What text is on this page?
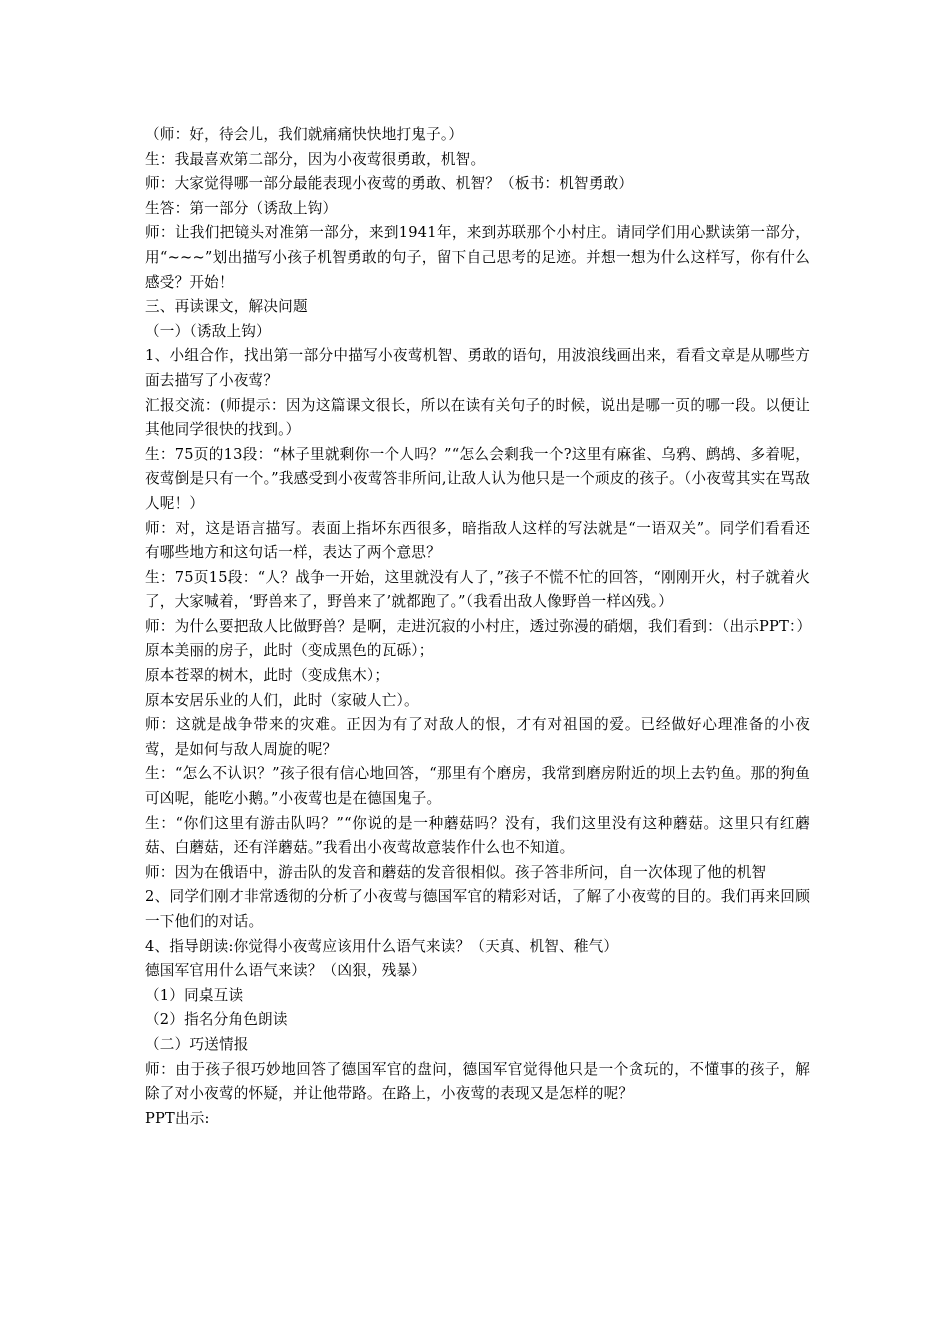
（师：好，待会儿，我们就痛痛快快地打鬼子。）

生：我最喜欢第二部分，因为小夜莺很勇敢，机智。

师：大家觉得哪一部分最能表现小夜莺的勇敢、机智？（板书：机智勇敢）

生答：第一部分（诱敌上钩）

师：让我们把镜头对准第一部分，来到1941年，来到苏联那个小村庄。请同学们用心默读第一部分，用“~~~”划出描写小孩子机智勇敢的句子，留下自己思考的足迹。并想一想为什么这样写，你有什么感受？开始！

三、再读课文，解决问题

（一）（诱敌上钩）

1、小组合作，找出第一部分中描写小夜莺机智、勇敢的语句，用波浪线画出来，看看文章是从哪些方面去描写了小夜莺？

汇报交流：(师提示：因为这篇课文很长，所以在读有关句子的时候，说出是哪一页的哪一段。以便让其他同学很快的找到。）

生：75页的13段：“林子里就剩你一个人吗？”“怎么会剩我一个?这里有麻雀、乌鸦、鹧鸪、多着呢，夜莺倒是只有一个。”我感受到小夜莺答非所问,让敌人认为他只是一个顽皮的孩子。（小夜莺其实在骂敌人呢！）

师：对，这是语言描写。表面上指坏东西很多，暗指敌人这样的写法就是“一语双关”。同学们看看还有哪些地方和这句话一样，表达了两个意思？

生：75页15段：“人？战争一开始，这里就没有人了，”孩子不慌不忙的回答，“刚刚开火，村子就着火了，大家喊着，‘野兽来了，野兽来了’就都跑了。”（我看出敌人像野兽一样凶残。）

师：为什么要把敌人比做野兽？是啊，走进沉寂的小村庄，透过弥漫的硝烟，我们看到：（出示PPT：）

原本美丽的房子，此时（变成黑色的瓦砾）；

原本苍翠的树木，此时（变成焦木）；

原本安居乐业的人们，此时（家破人亡）。

师：这就是战争带来的灾难。正因为有了对敌人的恨，才有对祖国的爱。已经做好心理准备的小夜莺，是如何与敌人周旋的呢？

生：“怎么不认识？”孩子很有信心地回答，“那里有个磨房，我常到磨房附近的坝上去钓鱼。那的狗鱼可凶呢，能吃小鹅。”小夜莺也是在德国鬼子。

生：“你们这里有游击队吗？”“你说的是一种蘑菇吗？没有，我们这里没有这种蘑菇。这里只有红蘑菇、白蘑菇，还有洋蘑菇。”我看出小夜莺故意装作什么也不知道。

师：因为在俄语中，游击队的发音和蘑菇的发音很相似。孩子答非所问，自一次体现了他的机智

2、同学们刚才非常透彻的分析了小夜莺与德国军官的精彩对话，了解了小夜莺的目的。我们再来回顾一下他们的对话。

4、指导朗读:你觉得小夜莺应该用什么语气来读？（天真、机智、稚气）

德国军官用什么语气来读？（凶狠，残暴）

（1）同桌互读

（2）指名分角色朗读

（二）巧送情报

师：由于孩子很巧妙地回答了德国军官的盘问，德国军官觉得他只是一个贪玩的，不懂事的孩子，解除了对小夜莺的怀疑，并让他带路。在路上，小夜莺的表现又是怎样的呢？

PPT出示:
